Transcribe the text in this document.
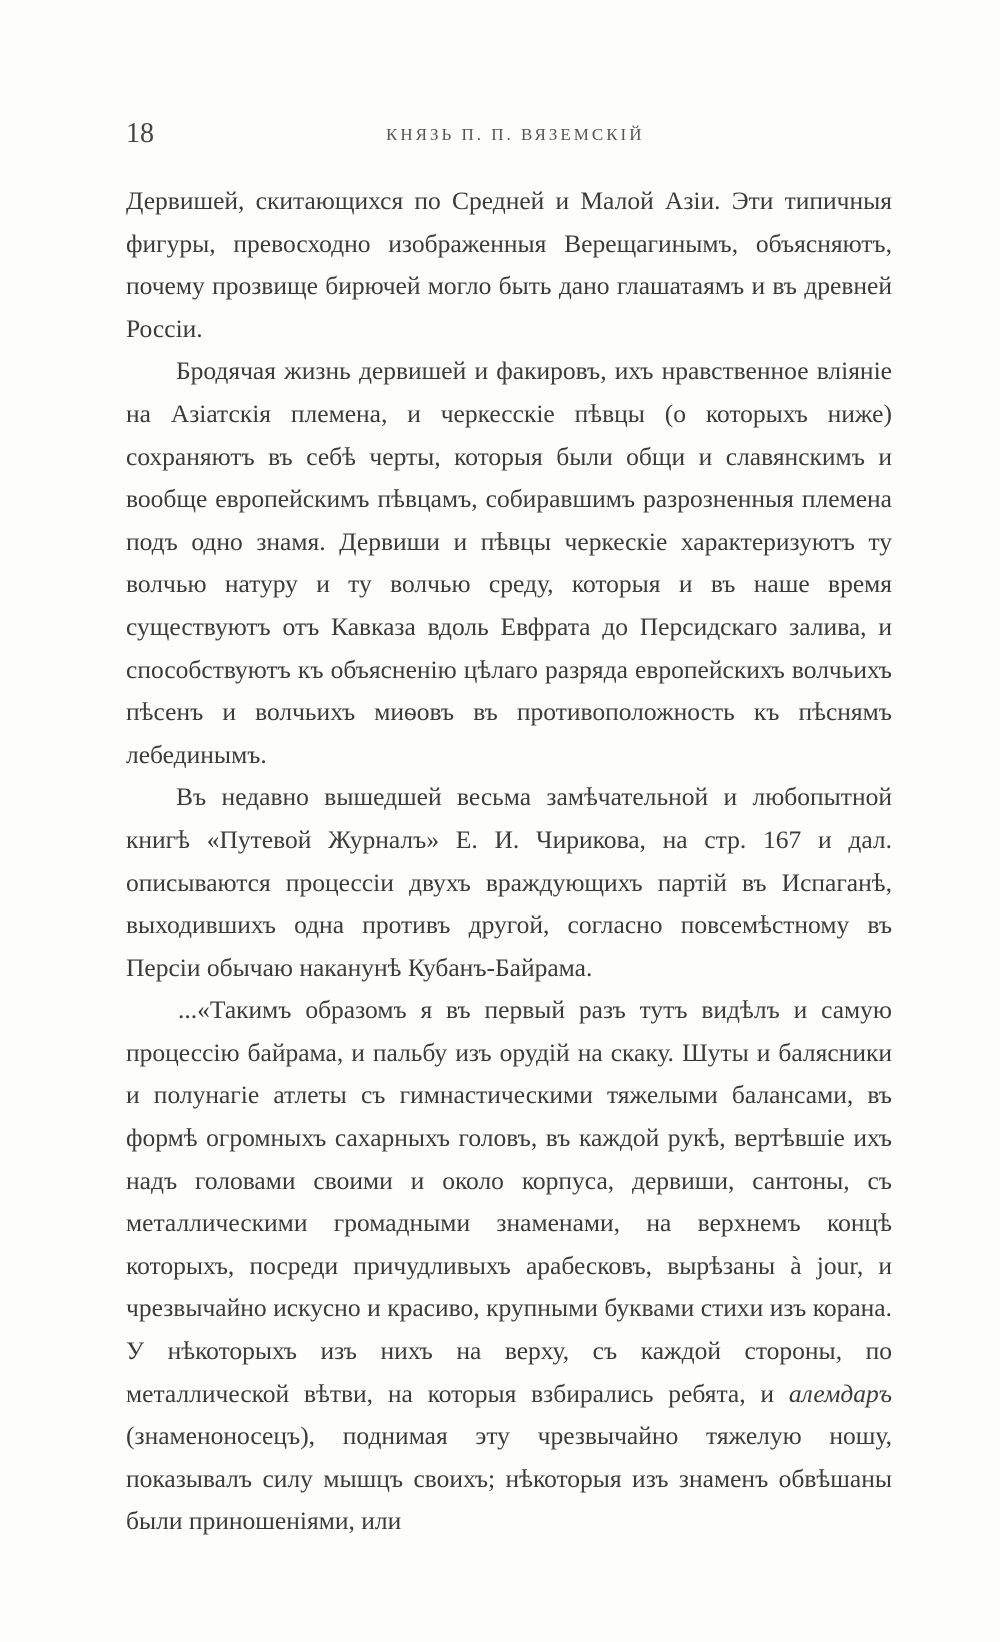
18	КНЯЗЬ П. П. ВЯЗЕМСКІЙ

Дервишей, скитающихся по Средней и Малой Азіи. Эти типичныя фигуры, превосходно изображенныя Верещагинымъ, объясняютъ, почему прозвище бирючей могло быть дано глашатаямъ и въ древней Россіи.

Бродячая жизнь дервишей и факировъ, ихъ нравственное вліяніе на Азіатскія племена, и черкесскіе пѣвцы (о которыхъ ниже) сохраняютъ въ себѣ черты, которыя были общи и славянскимъ и вообще европейскимъ пѣвцамъ, собиравшимъ разрозненныя племена подъ одно знамя. Дервиши и пѣвцы черкескіе характеризуютъ ту волчью натуру и ту волчью среду, которыя и въ наше время существуютъ отъ Кавказа вдоль Евфрата до Персидскаго залива, и способствуютъ къ объясненію цѣлаго разряда европейскихъ волчьихъ пѣсенъ и волчьихъ миѳовъ въ противоположность къ пѣснямъ лебединымъ.

Въ недавно вышедшей весьма замѣчательной и любопытной книгѣ «Путевой Журналъ» Е. И. Чирикова, на стр. 167 и дал. описываются процессіи двухъ враждующихъ партій въ Испаганѣ, выходившихъ одна противъ другой, согласно повсемѣстному въ Персіи обычаю наканунѣ Кубанъ-Байрама.

...«Такимъ образомъ я въ первый разъ тутъ видѣлъ и самую процессію байрама, и пальбу изъ орудій на скаку. Шуты и балясники и полунагіе атлеты съ гимнастическими тяжелыми балансами, въ формѣ огромныхъ сахарныхъ головъ, въ каждой рукѣ, вертѣвшіе ихъ надъ головами своими и около корпуса, дервиши, сантоны, съ металлическими громадными знаменами, на верхнемъ концѣ которыхъ, посреди причудливыхъ арабесковъ, вырѣзаны à jour, и чрезвычайно искусно и красиво, крупными буквами стихи изъ корана. У нѣкоторыхъ изъ нихъ на верху, съ каждой стороны, по металлической вѣтви, на которыя взбирались ребята, и алемдаръ (знаменоносецъ), поднимая эту чрезвычайно тяжелую ношу, показывалъ силу мышцъ своихъ; нѣкоторыя изъ знаменъ обвѣшаны были приношеніями, или
